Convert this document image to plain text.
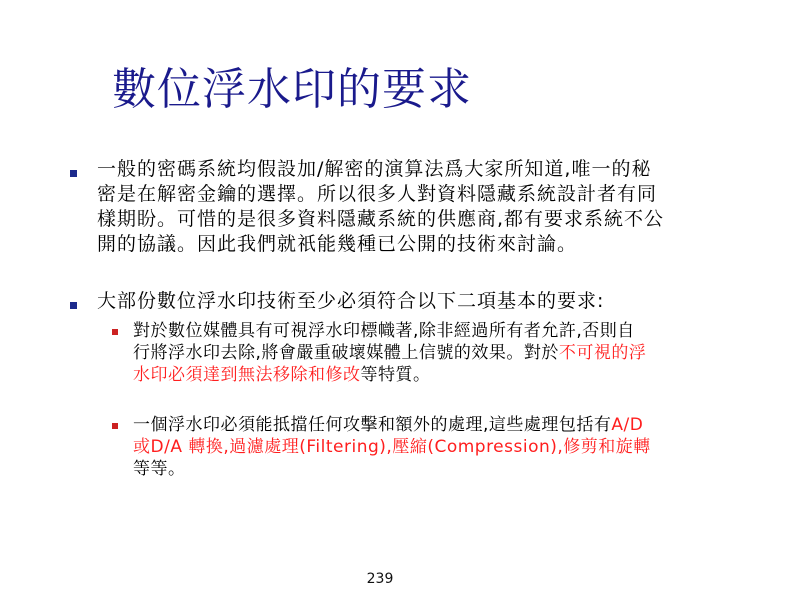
數位浮水印的要求
一般的密碼系統均假設加/解密的演算法爲大家所知道,唯一的秘
密是在解密金鑰的選擇。所以很多人對資料隱藏系統設計者有同
樣期盼。可惜的是很多資料隱藏系統的供應商,都有要求系統不公
開的協議。因此我們就祇能幾種已公開的技術來討論。
大部份數位浮水印技術至少必須符合以下二項基本的要求:
對於數位媒體具有可視浮水印標幟著,除非經過所有者允許,否則自
行將浮水印去除,將會嚴重破壞媒體上信號的效果。對於不可視的浮
水印必須達到無法移除和修改等特質。
一個浮水印必須能抵擋任何攻擊和額外的處理,這些處理包括有A/D
或D/A 轉換,過濾處理(Filtering),壓縮(Compression),修剪和旋轉
等等。
239
